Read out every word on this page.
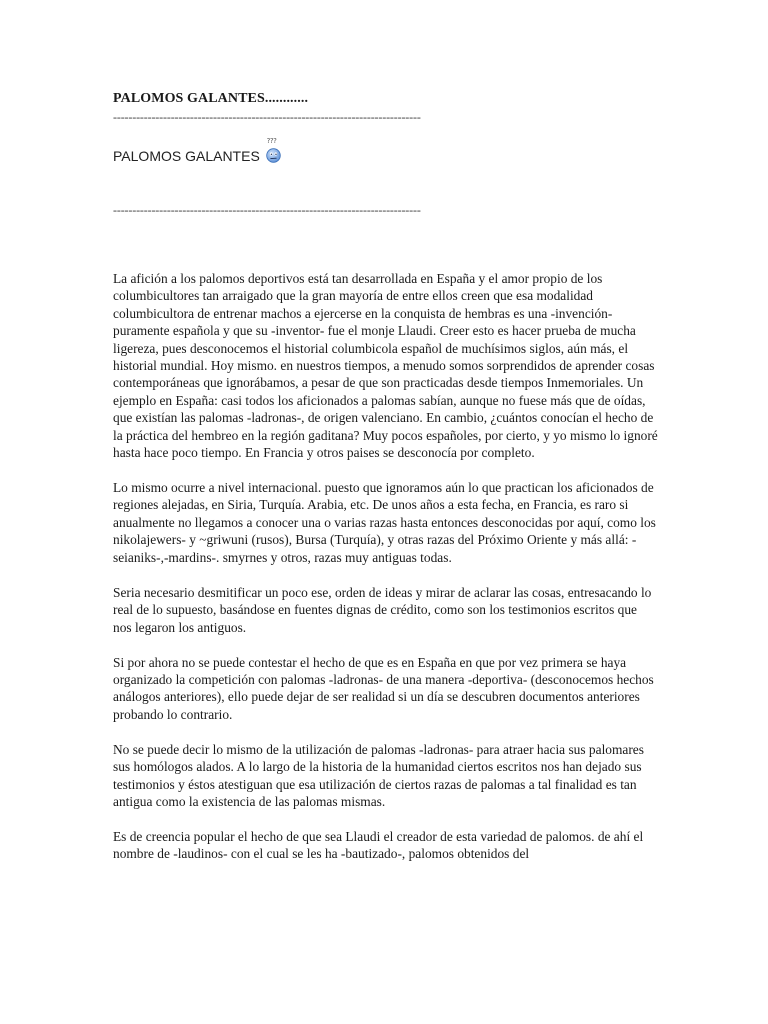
PALOMOS GALANTES............
--------------------------------------------------------------------------------
PALOMOS GALANTES
???
--------------------------------------------------------------------------------

La afición a los palomos deportivos está tan desarrollada en España y el amor propio de los columbicultores tan arraigado que la gran mayoría de entre ellos creen que esa modalidad columbicultora de entrenar machos a ejercerse en la conquista de hembras es una -invención-puramente española y que su -inventor- fue el monje Llaudi. Creer esto es hacer prueba de mucha ligereza, pues desconocemos el historial columbicola español de muchísimos siglos, aún más, el historial mundial. Hoy mismo. en nuestros tiempos, a menudo somos sorprendidos de aprender cosas contemporáneas que ignorábamos, a pesar de que son practicadas desde tiempos Inmemoriales. Un ejemplo en España: casi todos los aficionados a palomas sabían, aunque no fuese más que de oídas, que existían las palomas -ladronas-, de origen valenciano. En cambio, ¿cuántos conocían el hecho de la práctica del hembreo en la región gaditana? Muy pocos españoles, por cierto, y yo mismo lo ignoré hasta hace poco tiempo. En Francia y otros paises se desconocía por completo.

Lo mismo ocurre a nivel internacional. puesto que ignoramos aún lo que practican los aficionados de regiones alejadas, en Siria, Turquía. Arabia, etc. De unos años a esta fecha, en Francia, es raro si anualmente no llegamos a conocer una o varias razas hasta entonces desconocidas por aquí, como los nikolajewers- y ~griwuni (rusos), Bursa (Turquía), y otras razas del Próximo Oriente y más allá: -seianiks-,-mardins-. smyrnes y otros, razas muy antiguas todas.

Seria necesario desmitificar un poco ese, orden de ideas y mirar de aclarar las cosas, entresacando lo real de lo supuesto, basándose en fuentes dignas de crédito, como son los testimonios escritos que nos legaron los antiguos.

Si por ahora no se puede contestar el hecho de que es en España en que por vez primera se haya organizado la competición con palomas -ladronas- de una manera -deportiva- (desconocemos hechos análogos anteriores), ello puede dejar de ser realidad si un día se descubren documentos anteriores probando lo contrario.

No se puede decir lo mismo de la utilización de palomas -ladronas- para atraer hacia sus palomares sus homólogos alados. A lo largo de la historia de la humanidad ciertos escritos nos han dejado sus testimonios y éstos atestiguan que esa utilización de ciertos razas de palomas a tal finalidad es tan antigua como la existencia de las palomas mismas.

Es de creencia popular el hecho de que sea Llaudi el creador de esta variedad de palomos. de ahí el nombre de -laudinos- con el cual se les ha -bautizado-, palomos obtenidos del
